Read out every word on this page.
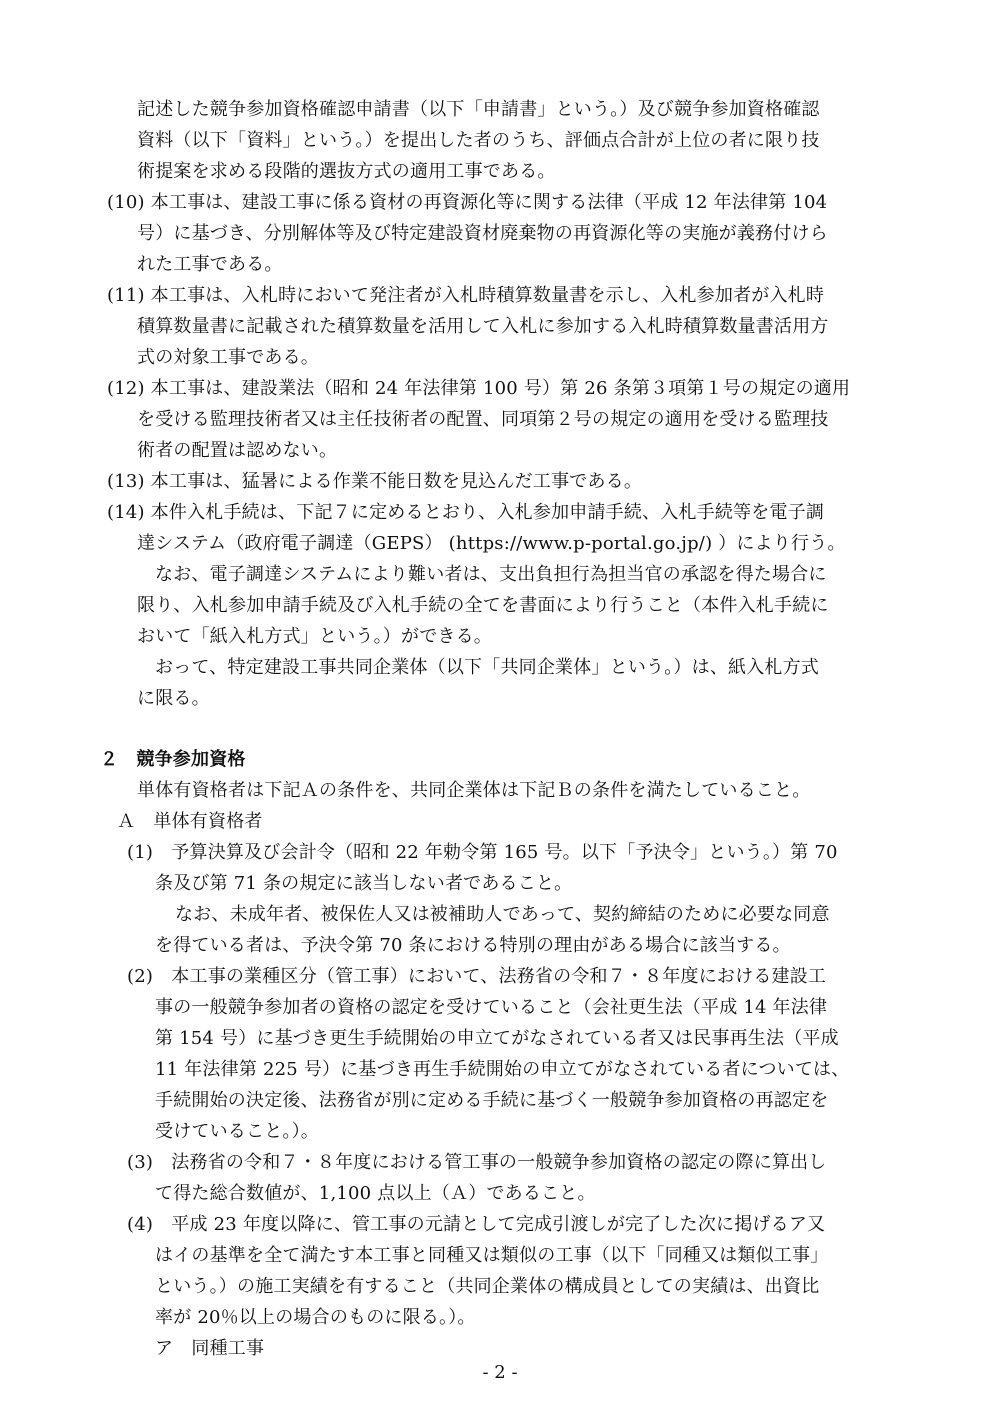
記述した競争参加資格確認申請書（以下「申請書」という。）及び競争参加資格確認
資料（以下「資料」という。）を提出した者のうち、評価点合計が上位の者に限り技
術提案を求める段階的選抜方式の適用工事である。
(10) 本工事は、建設工事に係る資材の再資源化等に関する法律（平成 12 年法律第 104
号）に基づき、分別解体等及び特定建設資材廃棄物の再資源化等の実施が義務付けら
れた工事である。
(11) 本工事は、入札時において発注者が入札時積算数量書を示し、入札参加者が入札時
積算数量書に記載された積算数量を活用して入札に参加する入札時積算数量書活用方
式の対象工事である。
(12) 本工事は、建設業法（昭和 24 年法律第 100 号）第 26 条第３項第１号の規定の適用
を受ける監理技術者又は主任技術者の配置、同項第２号の規定の適用を受ける監理技
術者の配置は認めない。
(13) 本工事は、猛暑による作業不能日数を見込んだ工事である。
(14) 本件入札手続は、下記７に定めるとおり、入札参加申請手続、入札手続等を電子調
達システム（政府電子調達（GEPS） (https://www.p-portal.go.jp/) ）により行う。
なお、電子調達システムにより難い者は、支出負担行為担当官の承認を得た場合に
限り、入札参加申請手続及び入札手続の全てを書面により行うこと（本件入札手続に
おいて「紙入札方式」という。）ができる。
おって、特定建設工事共同企業体（以下「共同企業体」という。）は、紙入札方式
に限る。
２　競争参加資格
単体有資格者は下記Ａの条件を、共同企業体は下記Ｂの条件を満たしていること。
Ａ　単体有資格者
(1)　予算決算及び会計令（昭和 22 年勅令第 165 号。以下「予決令」という。）第 70
条及び第 71 条の規定に該当しない者であること。
なお、未成年者、被保佐人又は被補助人であって、契約締結のために必要な同意
を得ている者は、予決令第 70 条における特別の理由がある場合に該当する。
(2)　本工事の業種区分（管工事）において、法務省の令和７・８年度における建設工
事の一般競争参加者の資格の認定を受けていること（会社更生法（平成 14 年法律
第 154 号）に基づき更生手続開始の申立てがなされている者又は民事再生法（平成
11 年法律第 225 号）に基づき再生手続開始の申立てがなされている者については、
手続開始の決定後、法務省が別に定める手続に基づく一般競争参加資格の再認定を
受けていること。）。
(3)　法務省の令和７・８年度における管工事の一般競争参加資格の認定の際に算出し
て得た総合数値が、1,100 点以上（Ａ）であること。
(4)　平成 23 年度以降に、管工事の元請として完成引渡しが完了した次に掲げるア又
はイの基準を全て満たす本工事と同種又は類似の工事（以下「同種又は類似工事」
という。）の施工実績を有すること（共同企業体の構成員としての実績は、出資比
率が 20％以上の場合のものに限る。）。
ア　同種工事
- 2 -
